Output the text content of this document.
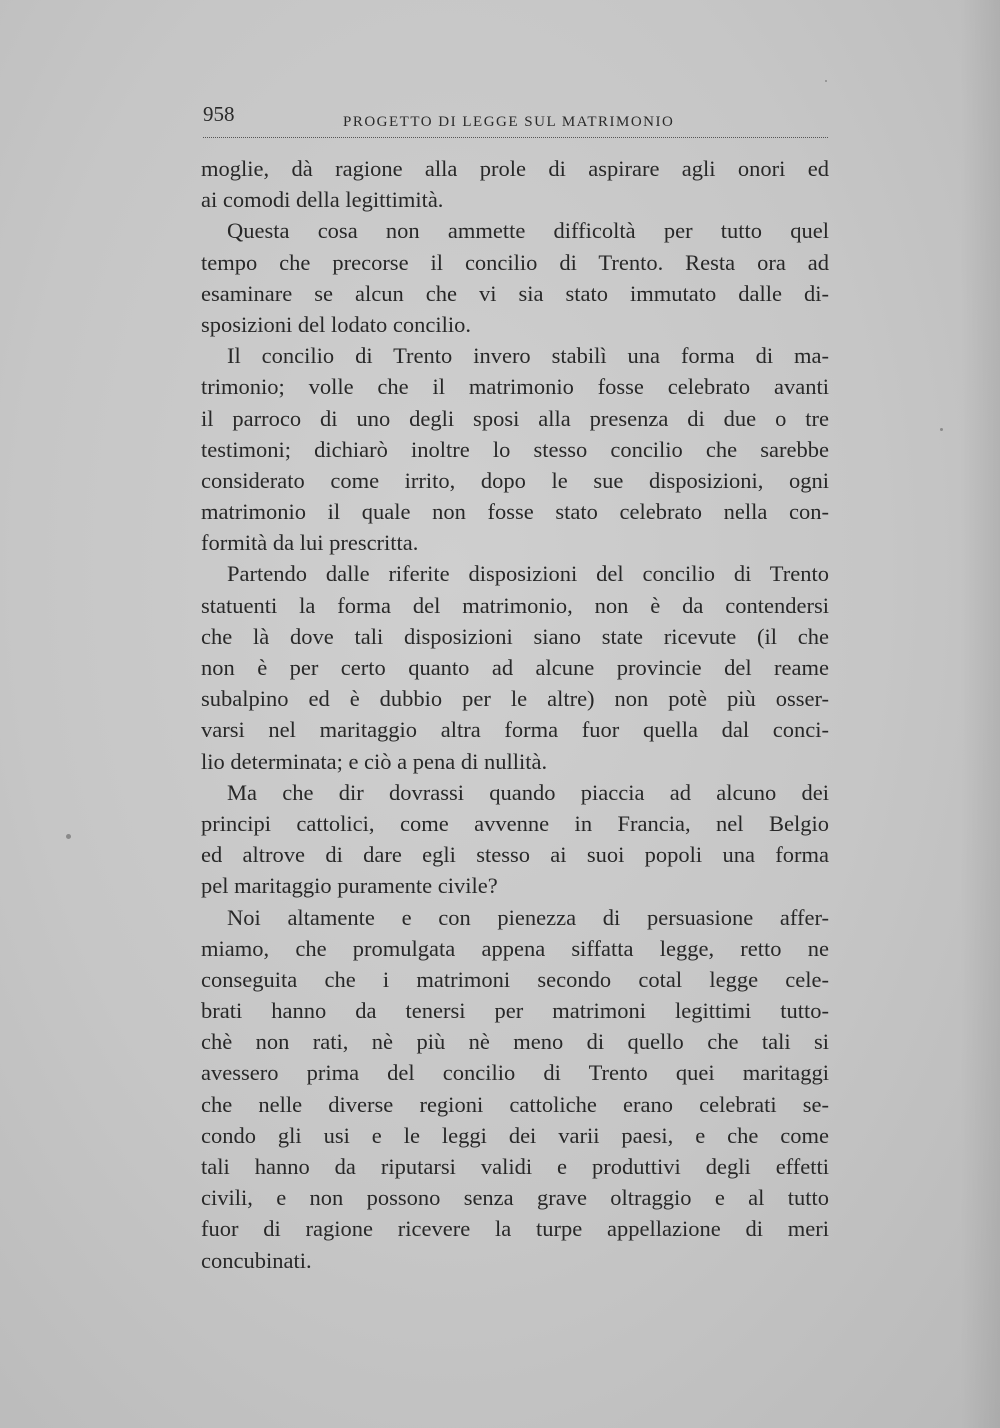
958	PROGETTO DI LEGGE SUL MATRIMONIO
moglie, dà ragione alla prole di aspirare agli onori ed
ai comodi della legittimità.
Questa cosa non ammette difficoltà per tutto quel
tempo che precorse il concilio di Trento. Resta ora ad
esaminare se alcun che vi sia stato immutato dalle di-
sposizioni del lodato concilio.
Il concilio di Trento invero stabilì una forma di ma-
trimonio; volle che il matrimonio fosse celebrato avanti
il parroco di uno degli sposi alla presenza di due o tre
testimoni; dichiarò inoltre lo stesso concilio che sarebbe
considerato come irrito, dopo le sue disposizioni, ogni
matrimonio il quale non fosse stato celebrato nella con-
formità da lui prescritta.
Partendo dalle riferite disposizioni del concilio di Trento
statuenti la forma del matrimonio, non è da contendersi
che là dove tali disposizioni siano state ricevute (il che
non è per certo quanto ad alcune provincie del reame
subalpino ed è dubbio per le altre) non potè più osser-
varsi nel maritaggio altra forma fuor quella dal conci-
lio determinata; e ciò a pena di nullità.
Ma che dir dovrassi quando piaccia ad alcuno dei
principi cattolici, come avvenne in Francia, nel Belgio
ed altrove di dare egli stesso ai suoi popoli una forma
pel maritaggio puramente civile?
Noi altamente e con pienezza di persuasione affer-
miamo, che promulgata appena siffatta legge, retto ne
conseguita che i matrimoni secondo cotal legge cele-
brati hanno da tenersi per matrimoni legittimi tutto-
chè non rati, nè più nè meno di quello che tali si
avessero prima del concilio di Trento quei maritaggi
che nelle diverse regioni cattoliche erano celebrati se-
condo gli usi e le leggi dei varii paesi, e che come
tali hanno da riputarsi validi e produttivi degli effetti
civili, e non possono senza grave oltraggio e al tutto
fuor di ragione ricevere la turpe appellazione di meri
concubinati.
